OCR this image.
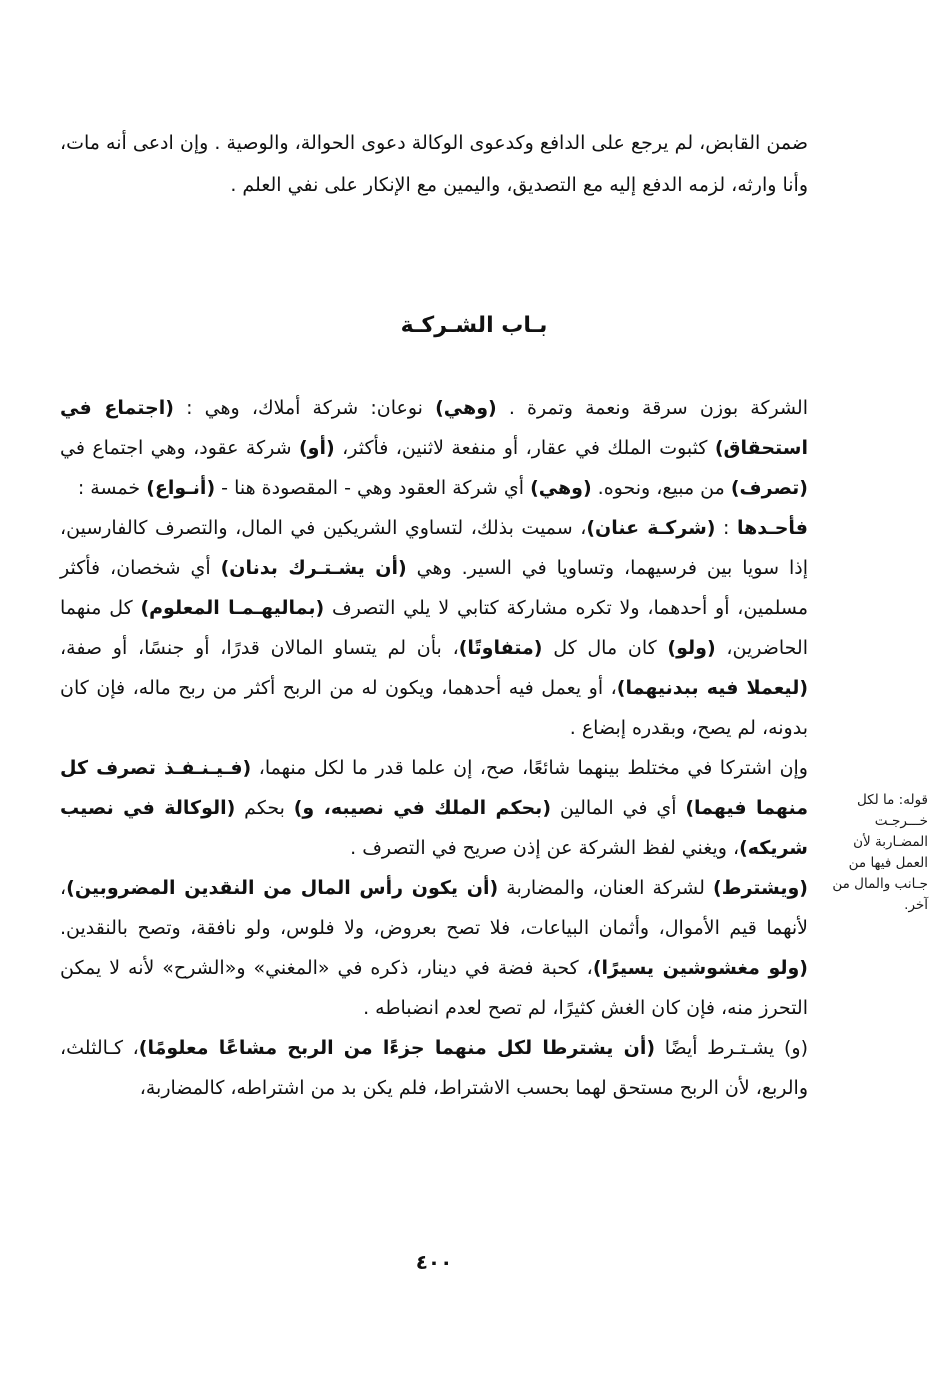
ضمن القابض، لم يرجع على الدافع وكدعوى الوكالة دعوى الحوالة، والوصية . وإن ادعى أنه مات، وأنا وارثه، لزمه الدفع إليه مع التصديق، واليمين مع الإنكار على نفي العلم .

بـاب الشـركـة

الشركة بوزن سرقة ونعمة وتمرة . (وهي) نوعان: شركة أملاك، وهي : (اجتماع في استحقاق) كثبوت الملك في عقار، أو منفعة لاثنين، فأكثر، (أو) شركة عقود، وهي اجتماع في (تصرف) من مبيع، ونحوه. (وهي) أي شركة العقود وهي - المقصودة هنا - (أنـواع) خمسة :

فأحـدها : (شركـة عنان)، سميت بذلك، لتساوي الشريكين في المال، والتصرف كالفارسين، إذا سويا بين فرسيهما، وتساويا في السير. وهي (أن يشـتـرك بدنان) أي شخصان، فأكثر مسلمين، أو أحدهما، ولا تكره مشاركة كتابي لا يلي التصرف (بماليهـمـا المعلوم) كل منهما الحاضرين، (ولو) كان مال كل (متفاوتًا)، بأن لم يتساو المالان قدرًا، أو جنسًا، أو صفة، (ليعملا فيه ببدنيهما)، أو يعمل فيه أحدهما، ويكون له من الربح أكثر من ربح ماله، فإن كان بدونه، لم يصح، وبقدره إبضاع .

وإن اشتركا في مختلط بينهما شائعًا، صح، إن علما قدر ما لكل منهما، (فـيـنـفـذ تصرف كل منهما فيهما) أي في المالين (بحكم الملك في نصيبه، و) بحكم (الوكالة في نصيب شريكه)، ويغني لفظ الشركة عن إذن صريح في التصرف .

(ويشترط) لشركة العنان، والمضاربة (أن يكون رأس المال من النقدين المضروبين)، لأنهما قيم الأموال، وأثمان البياعات، فلا تصح بعروض، ولا فلوس، ولو نافقة، وتصح بالنقدين. (ولو مغشوشين يسيرًا)، كحبة فضة في دينار، ذكره في «المغني» و«الشرح» لأنه لا يمكن التحرز منه، فإن كان الغش كثيرًا، لم تصح لعدم انضباطه .

(و) يشـتـرط أيضًا (أن يشترطا لكل منهما جزءًا من الربح مشاعًا معلومًا)، كـالثلث، والربع، لأن الربح مستحق لهما بحسب الاشتراط، فلم يكن بد من اشتراطه، كالمضاربة،

قوله: ما لكل خـــرجـت المضـاربة لأن العمل فيها من جـانب والمال من آخر.
٤٠٠
